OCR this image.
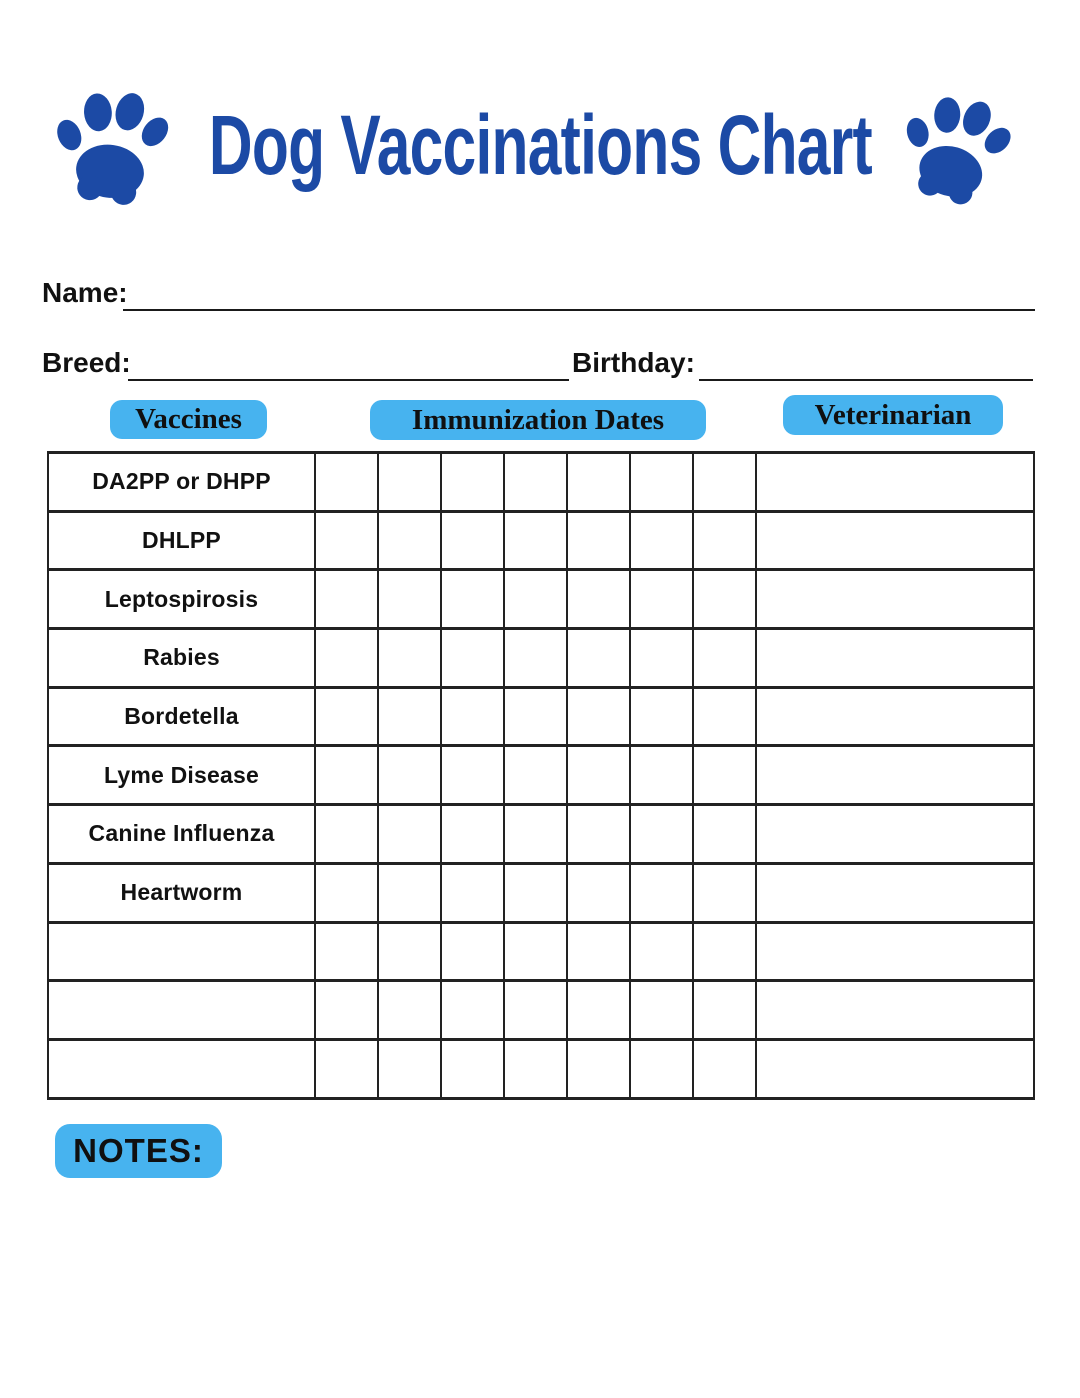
Dog Vaccinations Chart
Name:
Breed:	Birthday:
Vaccines	Immunization Dates	Veterinarian
DA2PP or DHPP								
DHLPP								
Leptospirosis								
Rabies								
Bordetella								
Lyme Disease								
Canine Influenza								
Heartworm								

NOTES:
